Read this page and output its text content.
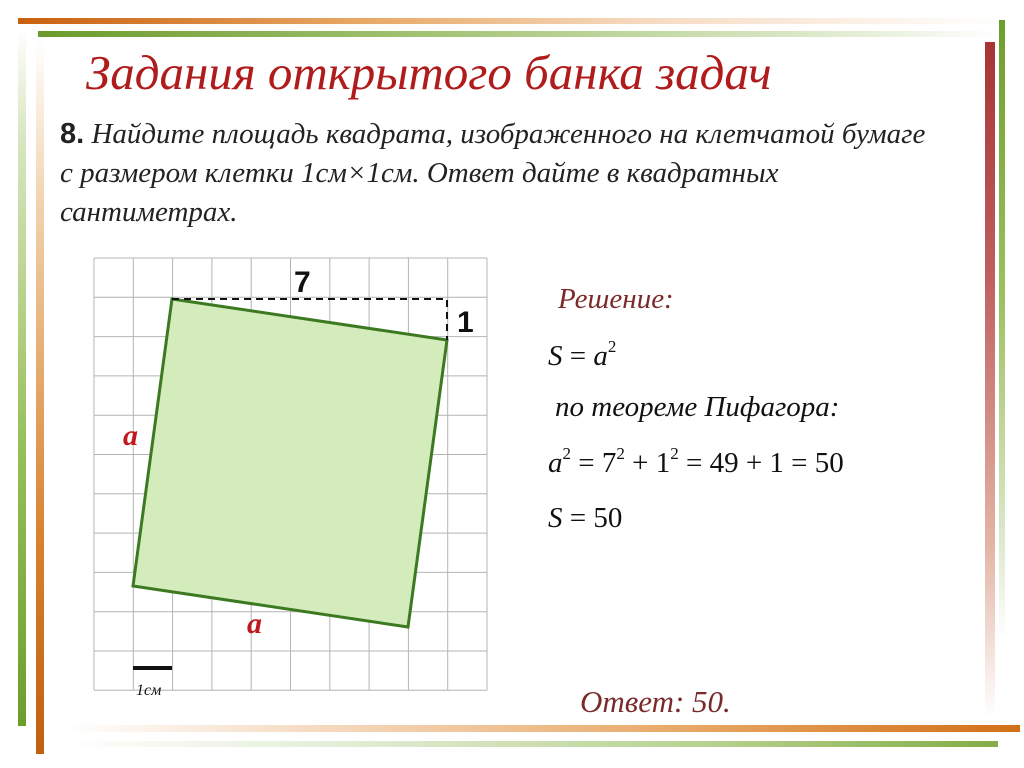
Задания открытого банка задач

8. Найдите площадь квадрата, изображенного на клетчатой бумаге с размером клетки 1см×1см. Ответ дайте в квадратных сантиметрах.

7
1
a
a
1см

Решение:

$S = a^2$
по теореме Пифагора:
$a^2 = 7^2 + 1^2 = 49 + 1 = 50$
S = 50

Ответ: 50.
